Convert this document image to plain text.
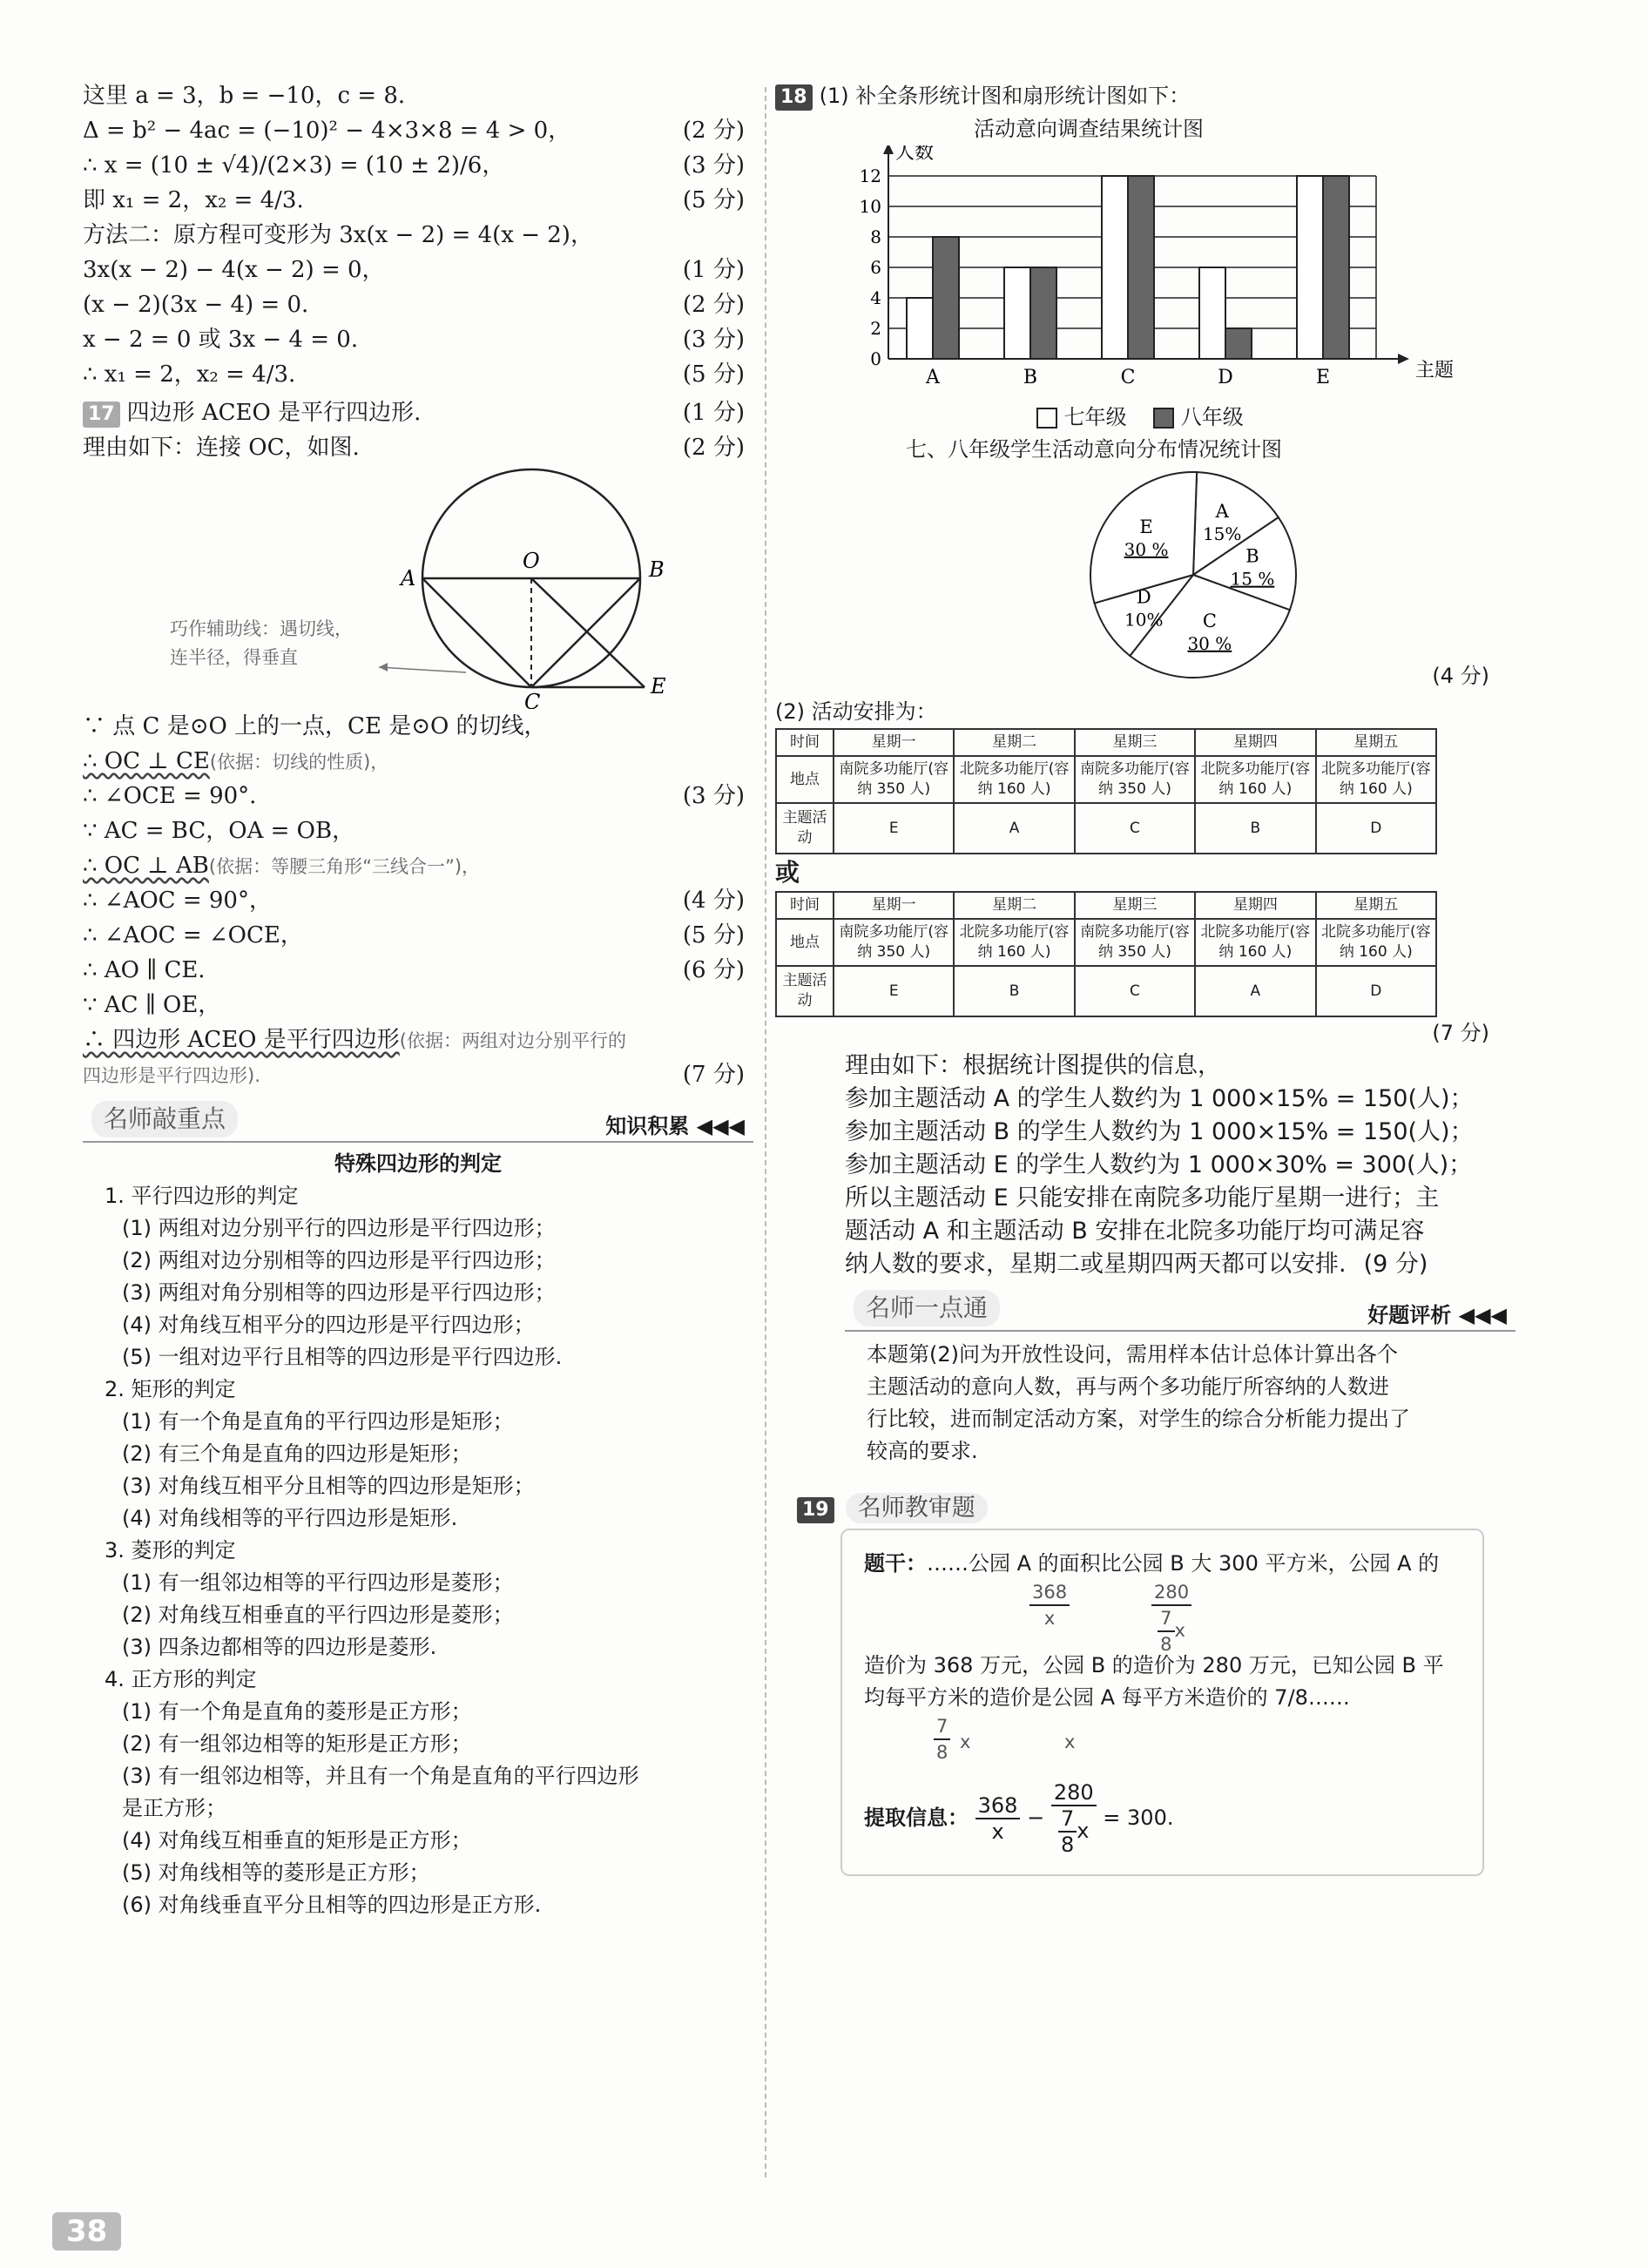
这里 a = 3，b = −10，c = 8.
Δ = b² − 4ac = (−10)² − 4×3×8 = 4 > 0，	(2 分)
∴ x = (10 ± √4)/(2×3) = (10 ± 2)/6，	(3 分)
即 x₁ = 2，x₂ = 4/3.	(5 分)
方法二：原方程可变形为 3x(x − 2) = 4(x − 2)，
3x(x − 2) − 4(x − 2) = 0，	(1 分)
(x − 2)(3x − 4) = 0.	(2 分)
x − 2 = 0 或 3x − 4 = 0.	(3 分)
∴ x₁ = 2，x₂ = 4/3.	(5 分)
17 四边形 ACEO 是平行四边形.	(1 分)
理由如下：连接 OC，如图.	(2 分)
A
O	B
C
E
巧作辅助线：遇切线，
连半径，得垂直
∵ 点 C 是⊙O 上的一点，CE 是⊙O 的切线，
∴ OC ⊥ CE(依据：切线的性质)，
∴ ∠OCE = 90°.	(3 分)
∵ AC = BC，OA = OB，
∴ OC ⊥ AB(依据：等腰三角形“三线合一”)，
∴ ∠AOC = 90°，	(4 分)
∴ ∠AOC = ∠OCE，	(5 分)
∴ AO ∥ CE.	(6 分)
∵ AC ∥ OE，
∴ 四边形 ACEO 是平行四边形(依据：两组对边分别平行的
四边形是平行四边形).	(7 分)
名师敲重点	知识积累 ◀◀◀
特殊四边形的判定
1. 平行四边形的判定
(1) 两组对边分别平行的四边形是平行四边形；
(2) 两组对边分别相等的四边形是平行四边形；
(3) 两组对角分别相等的四边形是平行四边形；
(4) 对角线互相平分的四边形是平行四边形；
(5) 一组对边平行且相等的四边形是平行四边形.
2. 矩形的判定
(1) 有一个角是直角的平行四边形是矩形；
(2) 有三个角是直角的四边形是矩形；
(3) 对角线互相平分且相等的四边形是矩形；
(4) 对角线相等的平行四边形是矩形.
3. 菱形的判定
(1) 有一组邻边相等的平行四边形是菱形；
(2) 对角线互相垂直的平行四边形是菱形；
(3) 四条边都相等的四边形是菱形.
4. 正方形的判定
(1) 有一个角是直角的菱形是正方形；
(2) 有一组邻边相等的矩形是正方形；
(3) 有一组邻边相等，并且有一个角是直角的平行四边形
是正方形；
(4) 对角线互相垂直的矩形是正方形；
(5) 对角线相等的菱形是正方形；
(6) 对角线垂直平分且相等的四边形是正方形.
18 (1) 补全条形统计图和扇形统计图如下：
活动意向调查结果统计图
0
2
4
6
8
10
12
人数
主题
A	B	C	D	E
七年级	八年级
七、八年级学生活动意向分布情况统计图
A
15%
B
15 %
C
30 %
D
10%
E
30 %
(4 分)
(2) 活动安排为：
时间	星期一	星期二	星期三	星期四	星期五
地点	南院多功能厅(容纳 350 人)	北院多功能厅(容纳 160 人)	南院多功能厅(容纳 350 人)	北院多功能厅(容纳 160 人)	北院多功能厅(容纳 160 人)
主题活动	E	A	C	B	D
或
时间	星期一	星期二	星期三	星期四	星期五
地点	南院多功能厅(容纳 350 人)	北院多功能厅(容纳 160 人)	南院多功能厅(容纳 350 人)	北院多功能厅(容纳 160 人)	北院多功能厅(容纳 160 人)
主题活动	E	B	C	A	D
(7 分)
理由如下：根据统计图提供的信息，
参加主题活动 A 的学生人数约为 1 000×15% = 150(人)；
参加主题活动 B 的学生人数约为 1 000×15% = 150(人)；
参加主题活动 E 的学生人数约为 1 000×30% = 300(人)；
所以主题活动 E 只能安排在南院多功能厅星期一进行；主
题活动 A 和主题活动 B 安排在北院多功能厅均可满足容
纳人数的要求，星期二或星期四两天都可以安排. (9 分)
名师一点通	好题评析 ◀◀◀
本题第(2)问为开放性设问，需用样本估计总体计算出各个
主题活动的意向人数，再与两个多功能厅所容纳的人数进
行比较，进而制定活动方案，对学生的综合分析能力提出了
较高的要求.
19 名师教审题
题干：……公园 A 的面积比公园 B 大 300 平方米，公园 A 的
$\frac{368}{x}$	$\frac{280}{\frac{7}{8} x}$
造价为 368 万元，公园 B 的造价为 280 万元，已知公园 B 平
均每平方米的造价是公园 A 每平方米造价的 7/8……
$\frac{7}{8}$ x	x
提取信息： $\frac{368}{x} - \frac{280}{\frac{7}{8} x} = 300$.
38
